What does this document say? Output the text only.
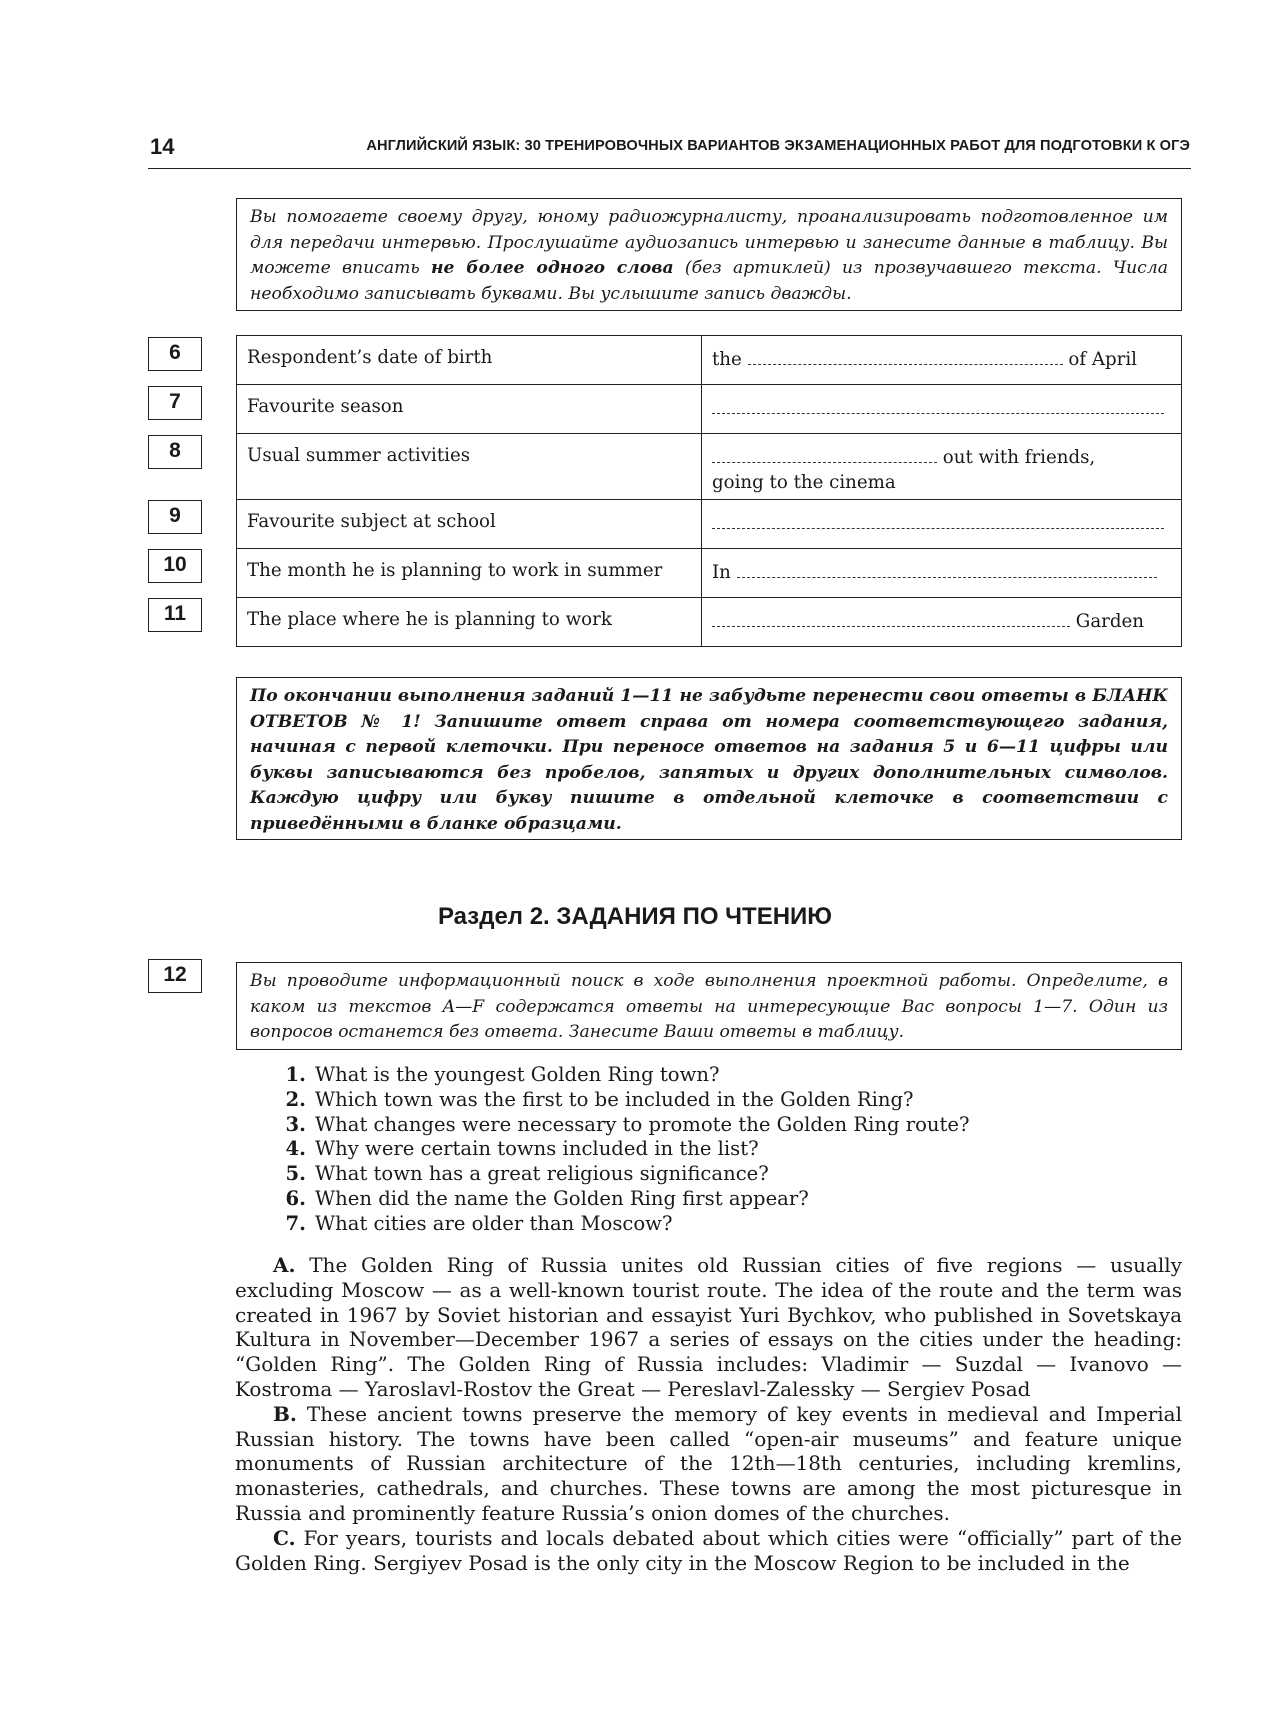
14	АНГЛИЙСКИЙ ЯЗЫК: 30 ТРЕНИРОВОЧНЫХ ВАРИАНТОВ ЭКЗАМЕНАЦИОННЫХ РАБОТ ДЛЯ ПОДГОТОВКИ К ОГЭ
Вы помогаете своему другу, юному радиожурналисту, проанализировать подготовленное им для передачи интервью. Прослушайте аудиозапись интервью и занесите данные в таблицу. Вы можете вписать не более одного слова (без артиклей) из прозвучавшего текста. Числа необходимо записывать буквами. Вы услышите запись дважды.
6
7
8
9
10
11
Respondent’s date of birth	the of April
Favourite season	
Usual summer activities	out with friends,
going to the cinema
Favourite subject at school	
The month he is planning to work in summer	In
The place where he is planning to work	Garden
По окончании выполнения заданий 1—11 не забудьте перенести свои ответы в БЛАНК ОТВЕТОВ № 1! Запишите ответ справа от номера соответствующего задания, начиная с первой клеточки. При переносе ответов на задания 5 и 6—11 цифры или буквы записываются без пробелов, запятых и других дополнительных символов. Каждую цифру или букву пишите в отдельной клеточке в соответствии с приведёнными в бланке образцами.
Раздел 2. ЗАДАНИЯ ПО ЧТЕНИЮ
12	Вы проводите информационный поиск в ходе выполнения проектной работы. Определите, в каком из текстов A—F содержатся ответы на интересующие Вас вопросы 1—7. Один из вопросов останется без ответа. Занесите Ваши ответы в таблицу.
1. What is the youngest Golden Ring town?
2. Which town was the first to be included in the Golden Ring?
3. What changes were necessary to promote the Golden Ring route?
4. Why were certain towns included in the list?
5. What town has a great religious significance?
6. When did the name the Golden Ring first appear?
7. What cities are older than Moscow?

A. The Golden Ring of Russia unites old Russian cities of five regions — usually excluding Moscow — as a well-known tourist route. The idea of the route and the term was created in 1967 by Soviet historian and essayist Yuri Bychkov, who published in Sovetskaya Kultura in November—December 1967 a series of essays on the cities under the heading: “Golden Ring”. The Golden Ring of Russia includes: Vladimir — Suzdal — Ivanovo — Kostroma — Yaroslavl-Rostov the Great — Pereslavl-Zalessky — Sergiev Posad

B. These ancient towns preserve the memory of key events in medieval and Imperial Russian history. The towns have been called “open-air museums” and feature unique monuments of Russian architecture of the 12th—18th centuries, including kremlins, monasteries, cathedrals, and churches. These towns are among the most picturesque in Russia and prominently feature Russia’s onion domes of the churches.

C. For years, tourists and locals debated about which cities were “officially” part of the Golden Ring. Sergiyev Posad is the only city in the Moscow Region to be included in the
